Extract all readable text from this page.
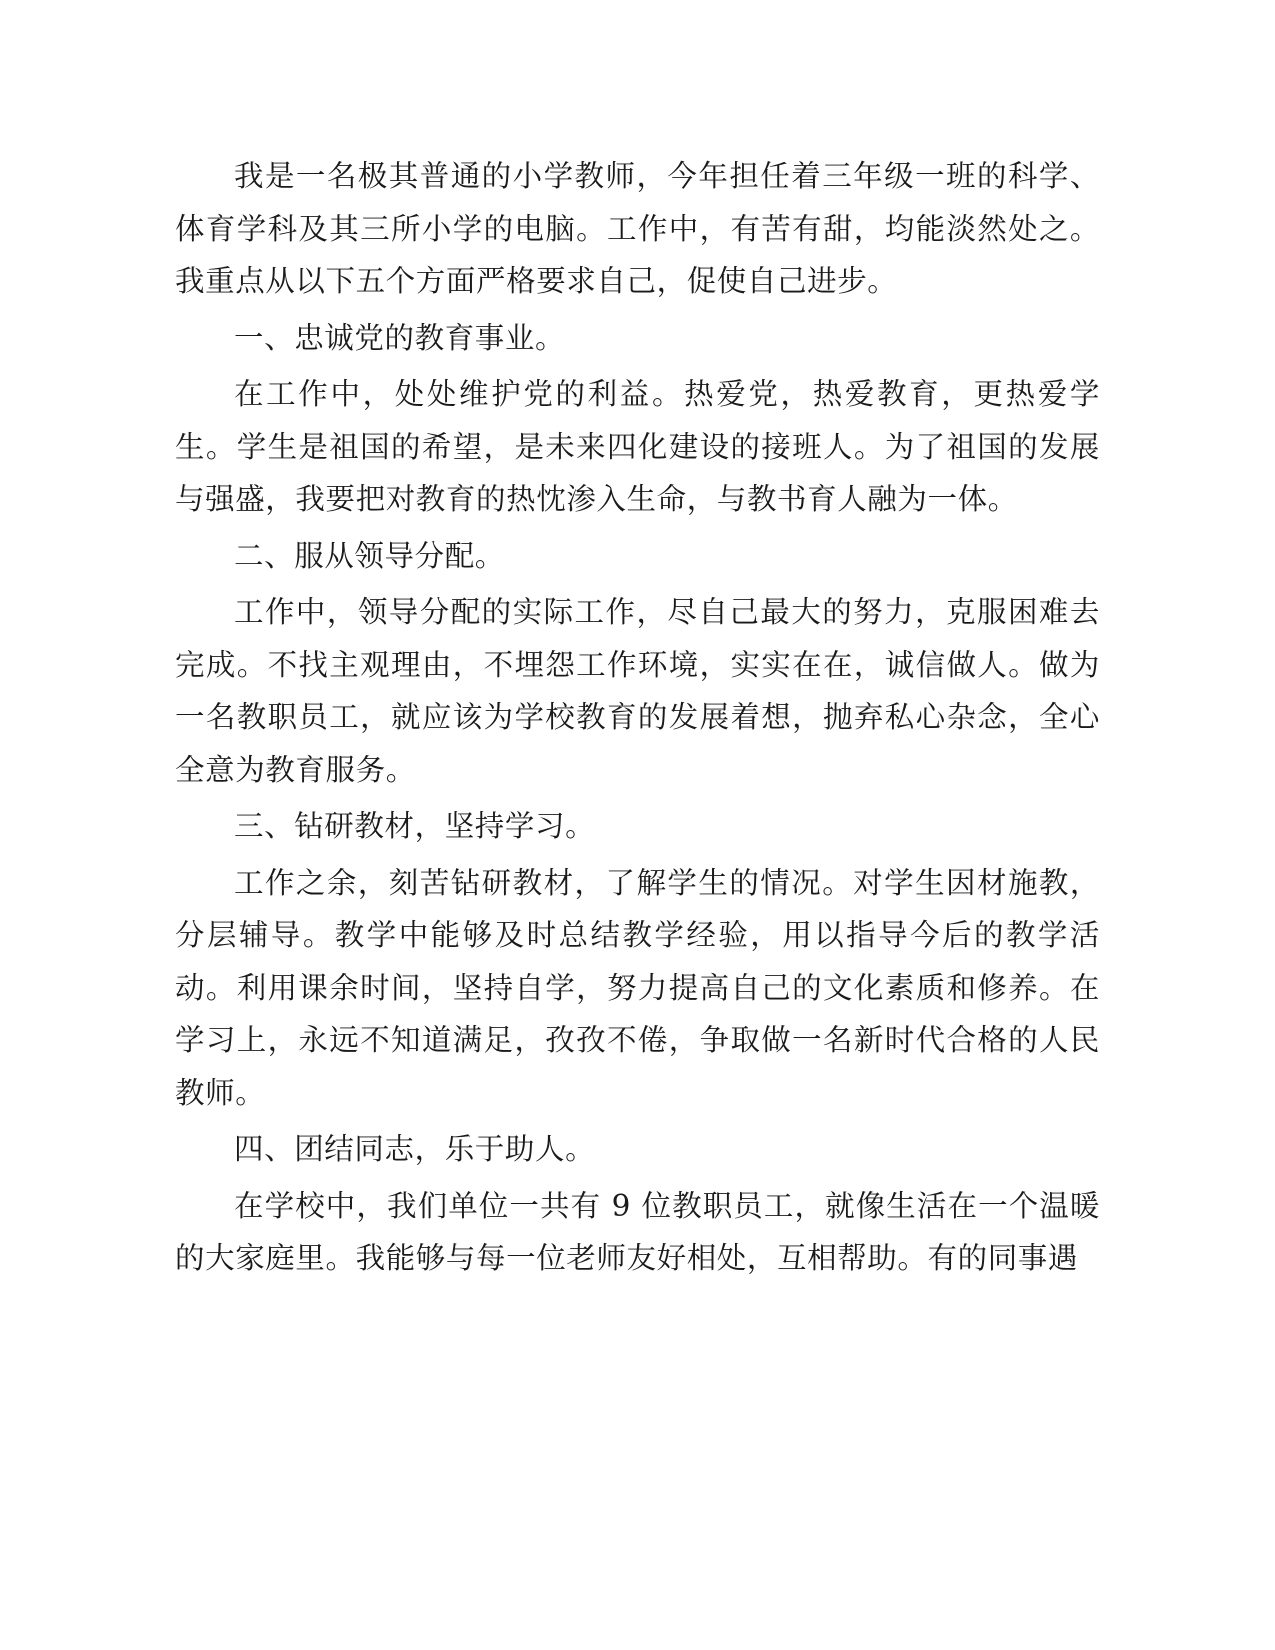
我是一名极其普通的小学教师，今年担任着三年级一班的科学、体育学科及其三所小学的电脑。工作中，有苦有甜，均能淡然处之。我重点从以下五个方面严格要求自己，促使自己进步。

一、忠诚党的教育事业。

在工作中，处处维护党的利益。热爱党，热爱教育，更热爱学生。学生是祖国的希望，是未来四化建设的接班人。为了祖国的发展与强盛，我要把对教育的热忱渗入生命，与教书育人融为一体。

二、服从领导分配。

工作中，领导分配的实际工作，尽自己最大的努力，克服困难去完成。不找主观理由，不埋怨工作环境，实实在在，诚信做人。做为一名教职员工，就应该为学校教育的发展着想，抛弃私心杂念，全心全意为教育服务。

三、钻研教材，坚持学习。

工作之余，刻苦钻研教材，了解学生的情况。对学生因材施教，分层辅导。教学中能够及时总结教学经验，用以指导今后的教学活动。利用课余时间，坚持自学，努力提高自己的文化素质和修养。在学习上，永远不知道满足，孜孜不倦，争取做一名新时代合格的人民教师。

四、团结同志，乐于助人。

在学校中，我们单位一共有 9 位教职员工，就像生活在一个温暖的大家庭里。我能够与每一位老师友好相处，互相帮助。有的同事遇
